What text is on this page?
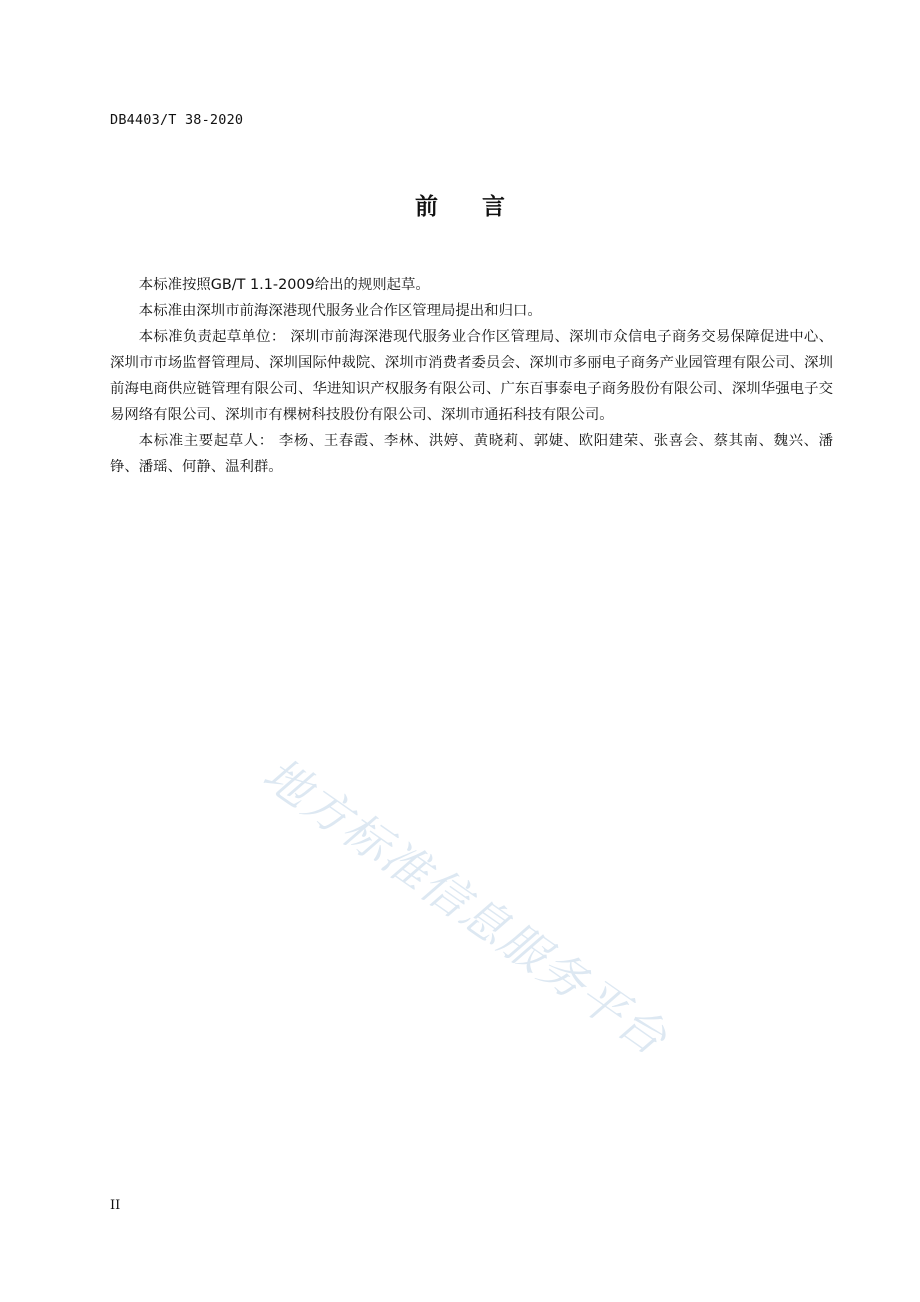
DB4403/T 38-2020
前言

本标准按照GB/T 1.1-2009给出的规则起草。

本标准由深圳市前海深港现代服务业合作区管理局提出和归口。

本标准负责起草单位： 深圳市前海深港现代服务业合作区管理局、深圳市众信电子商务交易保障促进中心、深圳市市场监督管理局、深圳国际仲裁院、深圳市消费者委员会、深圳市多丽电子商务产业园管理有限公司、深圳前海电商供应链管理有限公司、华进知识产权服务有限公司、广东百事泰电子商务股份有限公司、深圳华强电子交易网络有限公司、深圳市有棵树科技股份有限公司、深圳市通拓科技有限公司。

本标准主要起草人： 李杨、王春霞、李林、洪婷、黄晓莉、郭婕、欧阳建荣、张喜会、蔡其南、魏兴、潘铮、潘瑶、何静、温利群。

地方标准信息服务平台
II
